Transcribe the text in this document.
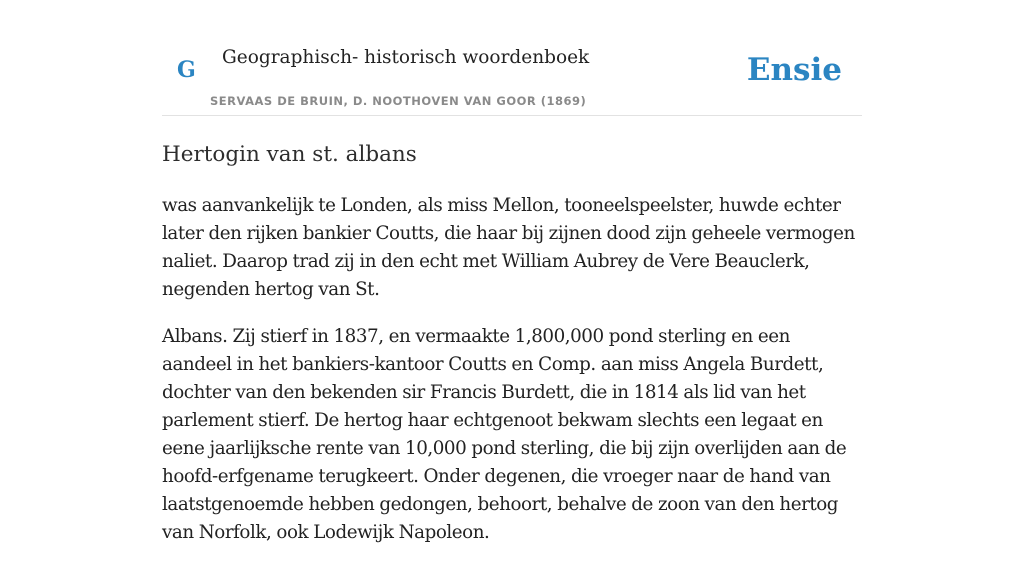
G Geographisch- historisch woordenboek
SERVAAS DE BRUIN, D. NOOTHOVEN VAN GOOR (1869)
Ensie
Hertogin van st. albans

was aanvankelijk te Londen, als miss Mellon, tooneelspeelster, huwde echter later den rijken bankier Coutts, die haar bij zijnen dood zijn geheele vermogen naliet. Daarop trad zij in den echt met William Aubrey de Vere Beauclerk, negenden hertog van St.

Albans. Zij stierf in 1837, en vermaakte 1,800,000 pond sterling en een aandeel in het bankiers-kantoor Coutts en Comp. aan miss Angela Burdett, dochter van den bekenden sir Francis Burdett, die in 1814 als lid van het parlement stierf. De hertog haar echtgenoot bekwam slechts een legaat en eene jaarlijksche rente van 10,000 pond sterling, die bij zijn overlijden aan de hoofd-erfgename terugkeert. Onder degenen, die vroeger naar de hand van laatstgenoemde hebben gedongen, behoort, behalve de zoon van den hertog van Norfolk, ook Lodewijk Napoleon.
